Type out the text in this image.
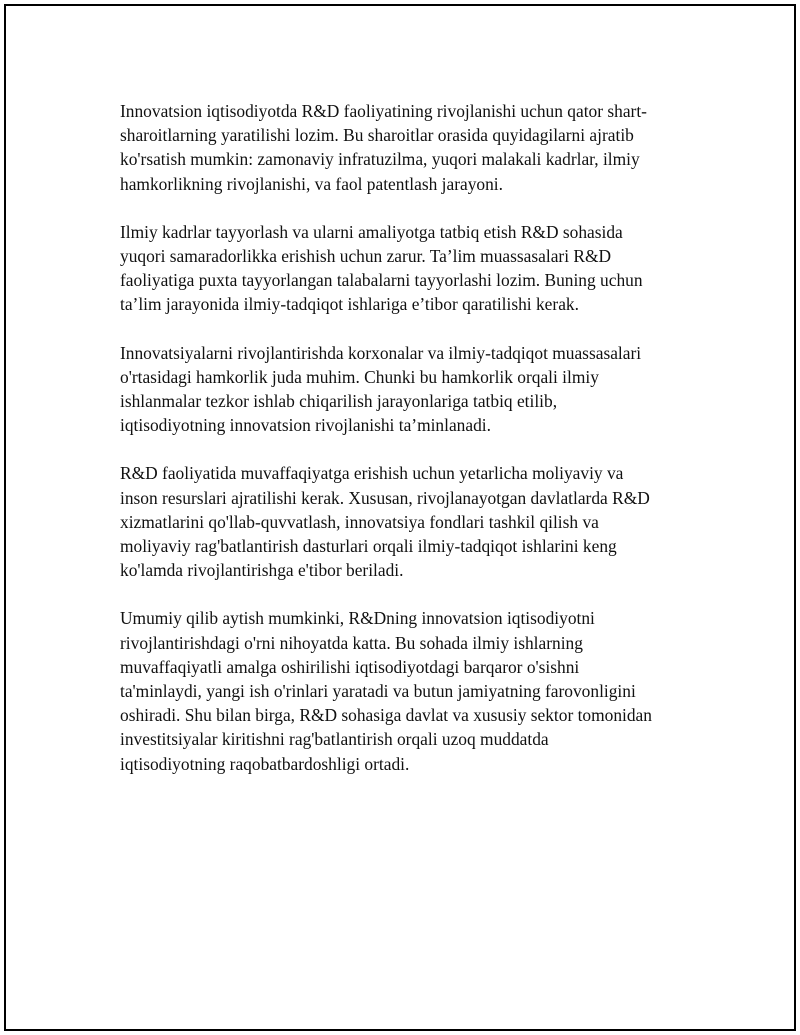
Innovatsion iqtisodiyotda R&D faoliyatining rivojlanishi uchun qator shart-
sharoitlarning yaratilishi lozim. Bu sharoitlar orasida quyidagilarni ajratib
ko'rsatish mumkin: zamonaviy infratuzilma, yuqori malakali kadrlar, ilmiy
hamkorlikning rivojlanishi, va faol patentlash jarayoni.

Ilmiy kadrlar tayyorlash va ularni amaliyotga tatbiq etish R&D sohasida
yuqori samaradorlikka erishish uchun zarur. Ta’lim muassasalari R&D
faoliyatiga puxta tayyorlangan talabalarni tayyorlashi lozim. Buning uchun
ta’lim jarayonida ilmiy-tadqiqot ishlariga e’tibor qaratilishi kerak.

Innovatsiyalarni rivojlantirishda korxonalar va ilmiy-tadqiqot muassasalari
o'rtasidagi hamkorlik juda muhim. Chunki bu hamkorlik orqali ilmiy
ishlanmalar tezkor ishlab chiqarilish jarayonlariga tatbiq etilib,
iqtisodiyotning innovatsion rivojlanishi ta’minlanadi.

R&D faoliyatida muvaffaqiyatga erishish uchun yetarlicha moliyaviy va
inson resurslari ajratilishi kerak. Xususan, rivojlanayotgan davlatlarda R&D
xizmatlarini qo'llab-quvvatlash, innovatsiya fondlari tashkil qilish va
moliyaviy rag'batlantirish dasturlari orqali ilmiy-tadqiqot ishlarini keng
ko'lamda rivojlantirishga e'tibor beriladi.

Umumiy qilib aytish mumkinki, R&Dning innovatsion iqtisodiyotni
rivojlantirishdagi o'rni nihoyatda katta. Bu sohada ilmiy ishlarning
muvaffaqiyatli amalga oshirilishi iqtisodiyotdagi barqaror o'sishni
ta'minlaydi, yangi ish o'rinlari yaratadi va butun jamiyatning farovonligini
oshiradi. Shu bilan birga, R&D sohasiga davlat va xususiy sektor tomonidan
investitsiyalar kiritishni rag'batlantirish orqali uzoq muddatda
iqtisodiyotning raqobatbardoshligi ortadi.
